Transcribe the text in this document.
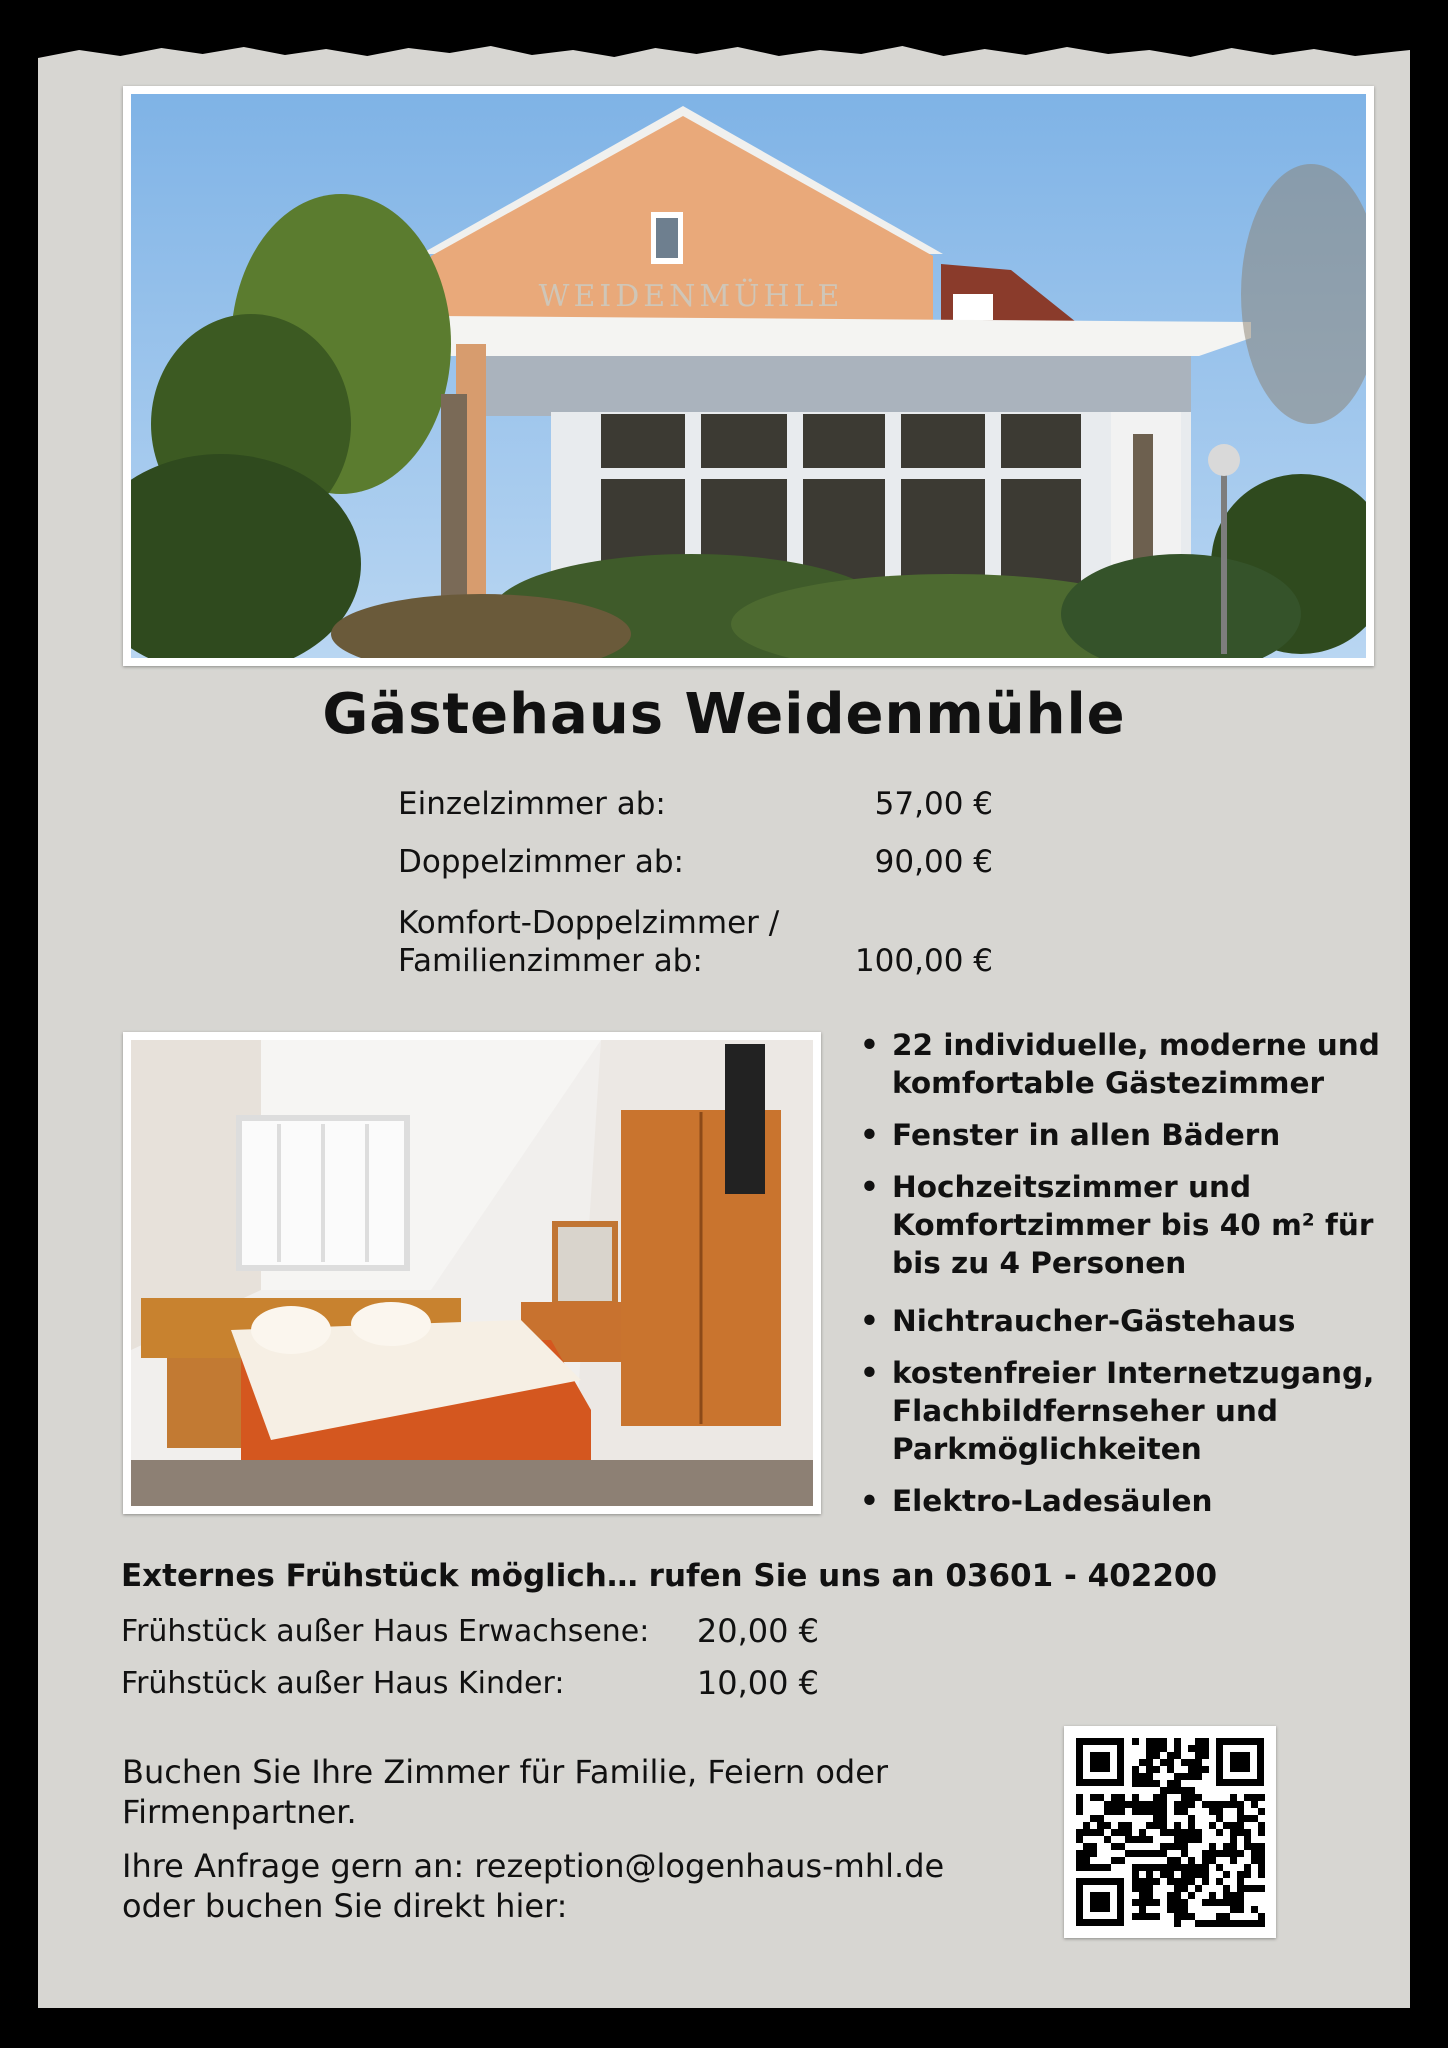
WEIDENMÜHLE
Gästehaus Weidenmühle
Einzelzimmer ab:	57,00 €
Doppelzimmer ab:	90,00 €
Komfort-Doppelzimmer /
Familienzimmer ab:	100,00 €
• 22 individuelle, moderne und
komfortable Gästezimmer
• Fenster in allen Bädern
• Hochzeitszimmer und
Komfortzimmer bis 40 m² für
bis zu 4 Personen
• Nichtraucher-Gästehaus
• kostenfreier Internetzugang,
Flachbildfernseher und
Parkmöglichkeiten
• Elektro-Ladesäulen
Externes Frühstück möglich… rufen Sie uns an 03601 - 402200
Frühstück außer Haus Erwachsene:	20,00 €
Frühstück außer Haus Kinder:	10,00 €
Buchen Sie Ihre Zimmer für Familie, Feiern oder
Firmenpartner.
Ihre Anfrage gern an: rezeption@logenhaus-mhl.de
oder buchen Sie direkt hier:
